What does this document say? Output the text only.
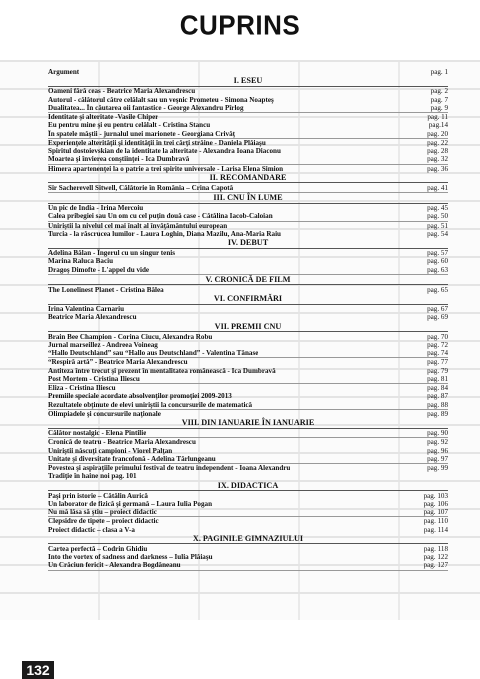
CUPRINS
Argument	pag. 1
I. ESEU
Oameni fără ceas - Beatrice Maria Alexandrescu	pag. 2
Autorul - călătorul către celălalt sau un veşnic Prometeu - Simona Noapteş	pag. 7
Dualitatea... În căutarea oii fantastice - George Alexandru Pîrlog	pag. 9
Identitate şi alteritate -Vasile Chiper	pag. 11
Eu pentru mine şi eu pentru celălalt - Cristina Stancu	pag.14
În spatele măştii - jurnalul unei marionete - Georgiana Crivăţ	pag. 20
Experienţele alterităţii şi identităţii în trei cărţi străine - Daniela Plăiaşu	pag. 22
Spiritul dostoievskian de la identitate la alteritate - Alexandra Ioana Diaconu	pag. 28
Moartea şi învierea conştiinţei - Ica Dumbravă	pag. 32
Himera apartenenţei la o patrie a trei spirite universale - Larisa Elena Simion	pag. 36
II. RECOMANDARE
Sir Sacherevell Sitwell, Călătorie în România – Crina Capotă	pag. 41
III. CNU ÎN LUME
Un pic de India - Irina Mercoiu	pag. 45
Calea pribegiei sau Un om cu cel puţin două case - Cătălina Iacob-Caloian	pag. 50
Uniriştii la nivelul cel mai înalt al învăţământului european	pag. 51
Turcia - la răscrucea lumilor - Laura Loghin, Diana Mazilu, Ana-Maria Raiu	pag. 54
IV. DEBUT
Adelina Bălan - Îngerul cu un singur tenis	pag. 57
Marina Raluca Baciu	pag. 60
Dragoş Dimofte - L'appel du vide	pag. 63
V. CRONICĂ DE FILM
The Lonelinest Planet - Cristina Bălea	pag. 65
VI. CONFIRMĂRI
Irina Valentina Carnariu	pag. 67
Beatrice Maria Alexandrescu	pag. 69
VII. PREMII CNU
Brain Bee Champion - Corina Ciucu, Alexandra Robu	pag. 70
Jurnal marseillez - Andreea Voineag	pag. 72
“Hallo Deutschland” sau “Hallo aus Deutschland” - Valentina Tănase	pag. 74
“Respiră artă” - Beatrice Maria Alexandrescu	pag. 77
Antiteza între trecut şi prezent în mentalitatea românească - Ica Dumbravă	pag. 79
Post Mortem - Cristina Iliescu	pag. 81
Eliza - Cristina Iliescu	pag. 84
Premiile speciale acordate absolvenţilor promoţiei 2009-2013	pag. 87
Rezultatele obţinute de elevi uniriştii la concursurile de matematică	pag. 88
Olimpiadele şi concursurile naţionale	pag. 89
VIII. DIN IANUARIE ÎN IANUARIE
Călător nostalgic - Elena Pintilie	pag. 90
Cronică de teatru - Beatrice Maria Alexandrescu	pag. 92
Uniriştii născuţi campioni - Viorel Palţan	pag. 96
Unitate şi diversitate francofonă - Adelina Târlungeanu	pag. 97
Povestea şi aspiraţiile primului festival de teatru independent - Ioana Alexandru	pag. 99
Tradiţie în haine noi pag. 101
IX. DIDACTICA
Paşi prin istorie – Cătălin Aurică	pag. 103
Un laborator de fizică şi germană – Laura Iulia Pogan	pag. 106
Nu mă lăsa să ştiu – proiect didactic	pag. 107
Clepsidre de tipete – proiect didactic	pag. 110
Proiect didactic – clasa a V-a	pag. 114
X. PAGINILE GIMNAZIULUI
Cartea perfectă – Codrin Ghidiu	pag. 118
Into the vortex of sadness and darkness – Iulia Plăiaşu	pag. 122
Un Crăciun fericit - Alexandra Bogdăneanu	pag. 127
132
